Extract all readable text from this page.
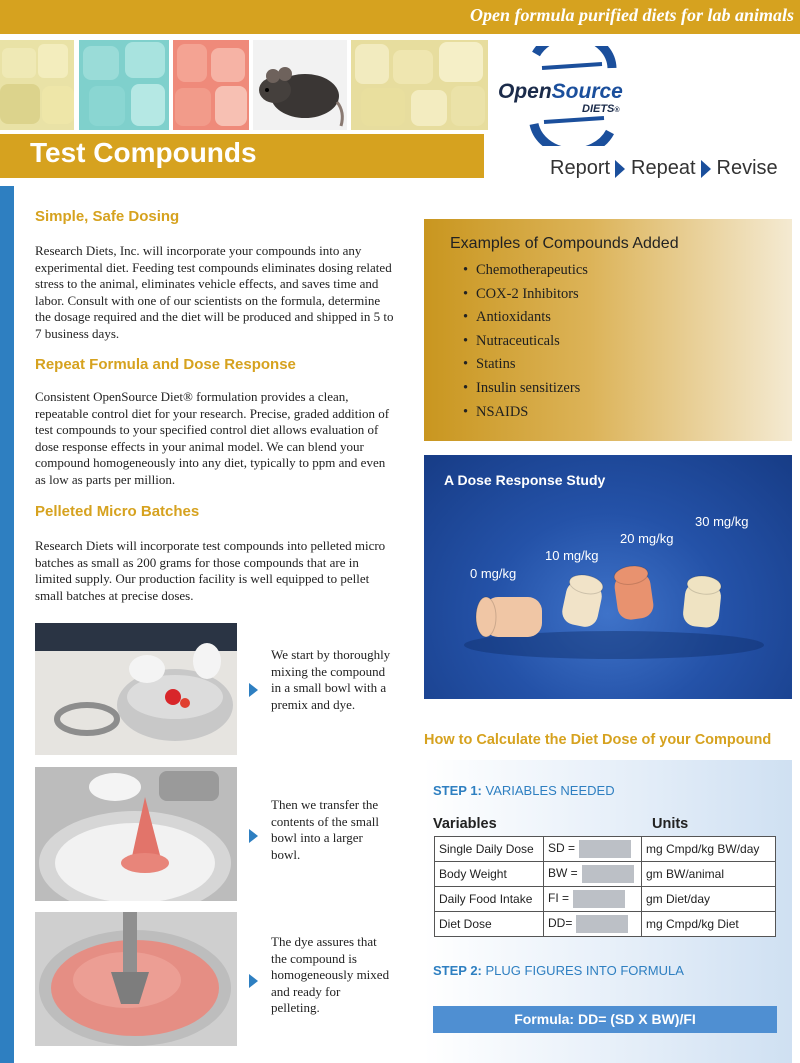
Open formula purified diets for lab animals
OpenSource
DIETS®
Test Compounds	Report Repeat Revise
Simple, Safe Dosing
Research Diets, Inc. will incorporate your compounds into any experimental diet. Feeding test compounds eliminates dosing related stress to the animal, eliminates vehicle effects, and saves time and labor. Consult with one of our scientists on the formula, determine the dosage required and the diet will be produced and shipped in 5 to 7 business days.
Repeat Formula and Dose Response
Consistent OpenSource Diet® formulation provides a clean, repeatable control diet for your research. Precise, graded addition of test compounds to your specified control diet allows evaluation of dose response effects in your animal model. We can blend your compound homogeneously into any diet, typically to ppm and even as low as parts per million.
Pelleted Micro Batches
Research Diets will incorporate test compounds into pelleted micro batches as small as 200 grams for those compounds that are in limited supply. Our production facility is well equipped to pellet small batches at precise doses.
We start by thoroughly mixing the compound in a small bowl with a premix and dye.
Then we transfer the contents of the small bowl into a larger bowl.
The dye assures that the compound is homogeneously mixed and ready for pelleting.
Examples of Compounds Added
• Chemotherapeutics
• COX-2 Inhibitors
• Antioxidants
• Nutraceuticals
• Statins
• Insulin sensitizers
• NSAIDS
A Dose Response Study
0 mg/kg
10 mg/kg
20 mg/kg
30 mg/kg
How to Calculate the Diet Dose of your Compound
STEP 1: VARIABLES NEEDED
Variables	Units
Single Daily Dose	SD =	mg Cmpd/kg BW/day
Body Weight	BW =	gm BW/animal
Daily Food Intake	FI =	gm Diet/day
Diet Dose	DD=	mg Cmpd/kg Diet
STEP 2: PLUG FIGURES INTO FORMULA
Formula: DD= (SD X BW)/FI
